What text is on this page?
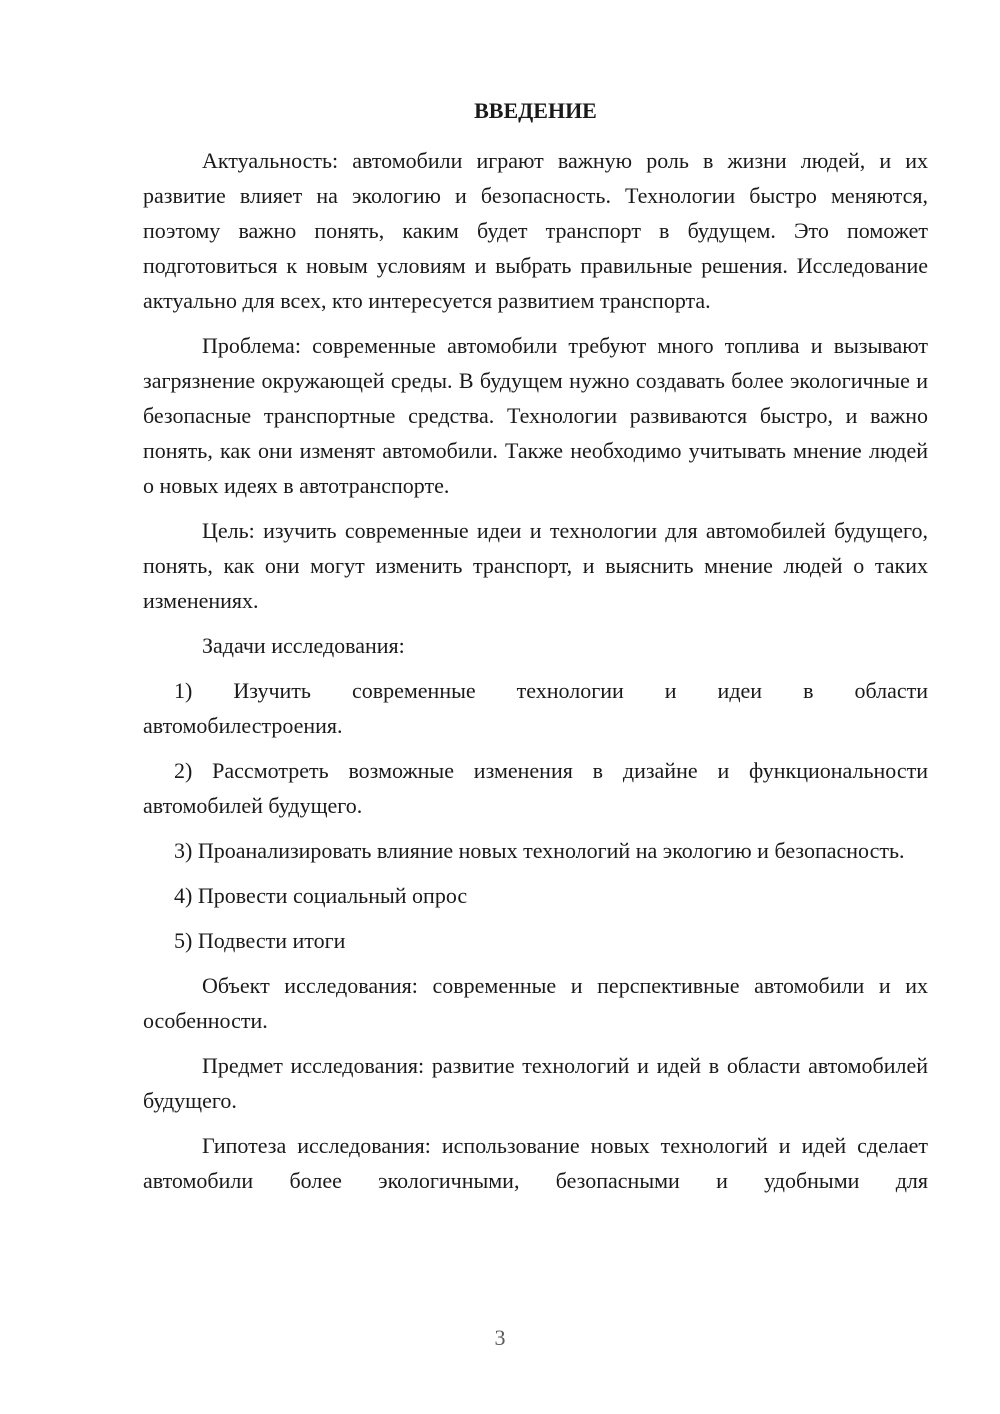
ВВЕДЕНИЕ

Актуальность: автомобили играют важную роль в жизни людей, и их развитие влияет на экологию и безопасность. Технологии быстро меняются, поэтому важно понять, каким будет транспорт в будущем. Это поможет подготовиться к новым условиям и выбрать правильные решения. Исследование актуально для всех, кто интересуется развитием транспорта.

Проблема: современные автомобили требуют много топлива и вызывают загрязнение окружающей среды. В будущем нужно создавать более экологичные и безопасные транспортные средства. Технологии развиваются быстро, и важно понять, как они изменят автомобили. Также необходимо учитывать мнение людей о новых идеях в автотранспорте.

Цель: изучить современные идеи и технологии для автомобилей будущего, понять, как они могут изменить транспорт, и выяснить мнение людей о таких изменениях.

Задачи исследования:

1) Изучить современные технологии и идеи в области

автомобилестроения.

2) Рассмотреть возможные изменения в дизайне и функциональности автомобилей будущего.

3) Проанализировать влияние новых технологий на экологию и безопасность.

4) Провести социальный опрос

5) Подвести итоги

Объект исследования: современные и перспективные автомобили и их особенности.

Предмет исследования: развитие технологий и идей в области автомобилей будущего.

Гипотеза исследования: использование новых технологий и идей сделает автомобили более экологичными, безопасными и удобными для

3
